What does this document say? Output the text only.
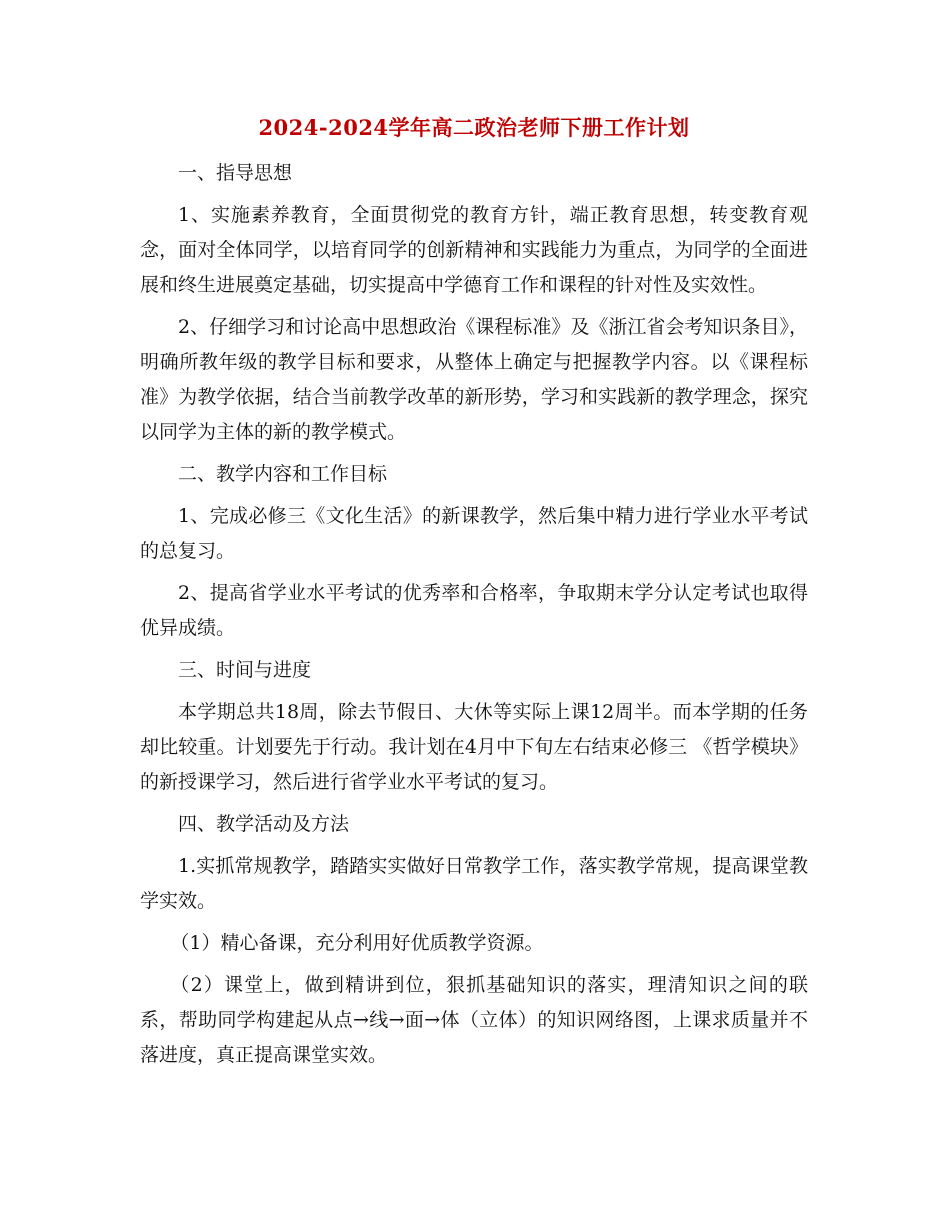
2024-2024学年高二政治老师下册工作计划
一、指导思想
1、实施素养教育，全面贯彻党的教育方针，端正教育思想，转变教育观念，面对全体同学，以培育同学的创新精神和实践能力为重点，为同学的全面进展和终生进展奠定基础，切实提高中学德育工作和课程的针对性及实效性。
2、仔细学习和讨论高中思想政治《课程标准》及《浙江省会考知识条目》，明确所教年级的教学目标和要求，从整体上确定与把握教学内容。以《课程标准》为教学依据，结合当前教学改革的新形势，学习和实践新的教学理念，探究以同学为主体的新的教学模式。
二、教学内容和工作目标
1、完成必修三《文化生活》的新课教学，然后集中精力进行学业水平考试的总复习。
2、提高省学业水平考试的优秀率和合格率，争取期末学分认定考试也取得优异成绩。
三、时间与进度
本学期总共18周，除去节假日、大休等实际上课12周半。而本学期的任务却比较重。计划要先于行动。我计划在4月中下旬左右结束必修三 《哲学模块》的新授课学习，然后进行省学业水平考试的复习。
四、教学活动及方法
1.实抓常规教学，踏踏实实做好日常教学工作，落实教学常规，提高课堂教学实效。
（1）精心备课，充分利用好优质教学资源。
（2）课堂上，做到精讲到位，狠抓基础知识的落实，理清知识之间的联系，帮助同学构建起从点→线→面→体（立体）的知识网络图，上课求质量并不落进度，真正提高课堂实效。
